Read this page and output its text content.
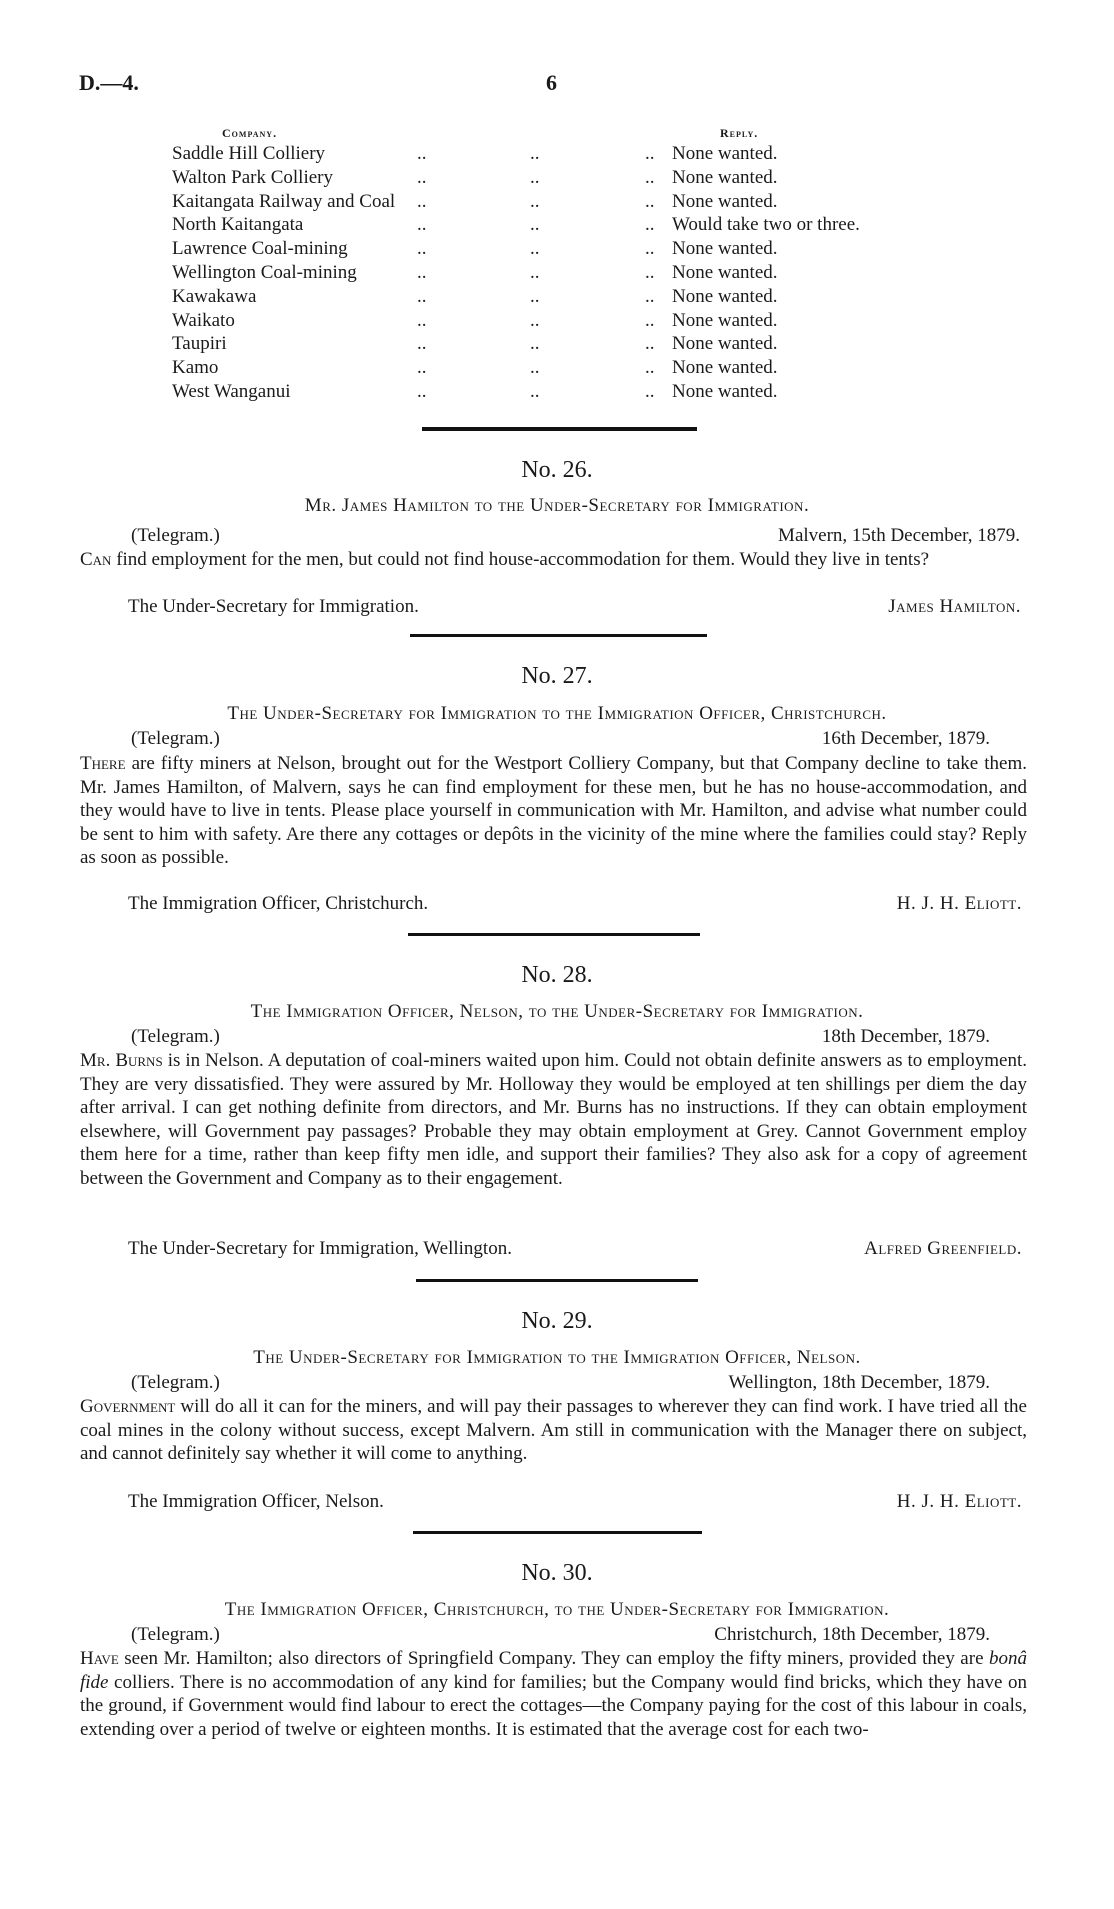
D.—4.	6
Company.	Reply.
Saddle Hill Colliery	..	..	.. None wanted.
Walton Park Colliery	..	..	.. None wanted.
Kaitangata Railway and Coal ..	..	.. None wanted.
North Kaitangata	..	..	.. Would take two or three.
Lawrence Coal-mining	..	..	.. None wanted.
Wellington Coal-mining	..	..	.. None wanted.
Kawakawa	..	..	.. None wanted.
Waikato	..	..	.. None wanted.
Taupiri	..	..	.. None wanted.
Kamo	..	..	.. None wanted.
West Wanganui	..	..	.. None wanted.
No. 26.
Mr. James Hamilton to the Under-Secretary for Immigration.
(Telegram.)	Malvern, 15th December, 1879.

Can find employment for the men, but could not find house-accommodation for them. Would they live in tents?

The Under-Secretary for Immigration.	James Hamilton.
No. 27.
The Under-Secretary for Immigration to the Immigration Officer, Christchurch.
(Telegram.)	16th December, 1879.

There are fifty miners at Nelson, brought out for the Westport Colliery Company, but that Company decline to take them. Mr. James Hamilton, of Malvern, says he can find employment for these men, but he has no house-accommodation, and they would have to live in tents. Please place yourself in communication with Mr. Hamilton, and advise what number could be sent to him with safety. Are there any cottages or depôts in the vicinity of the mine where the families could stay? Reply as soon as possible.

The Immigration Officer, Christchurch.	H. J. H. Eliott.
No. 28.
The Immigration Officer, Nelson, to the Under-Secretary for Immigration.
(Telegram.)	18th December, 1879.

Mr. Burns is in Nelson. A deputation of coal-miners waited upon him. Could not obtain definite answers as to employment. They are very dissatisfied. They were assured by Mr. Holloway they would be employed at ten shillings per diem the day after arrival. I can get nothing definite from directors, and Mr. Burns has no instructions. If they can obtain employment elsewhere, will Government pay passages? Probable they may obtain employment at Grey. Cannot Government employ them here for a time, rather than keep fifty men idle, and support their families? They also ask for a copy of agreement between the Government and Company as to their engagement.

The Under-Secretary for Immigration, Wellington.	Alfred Greenfield.
No. 29.
The Under-Secretary for Immigration to the Immigration Officer, Nelson.
(Telegram.)	Wellington, 18th December, 1879.

Government will do all it can for the miners, and will pay their passages to wherever they can find work. I have tried all the coal mines in the colony without success, except Malvern. Am still in communication with the Manager there on subject, and cannot definitely say whether it will come to anything.

The Immigration Officer, Nelson.	H. J. H. Eliott.
No. 30.
The Immigration Officer, Christchurch, to the Under-Secretary for Immigration.
(Telegram.)	Christchurch, 18th December, 1879.

Have seen Mr. Hamilton; also directors of Springfield Company. They can employ the fifty miners, provided they are bonâ fide colliers. There is no accommodation of any kind for families; but the Company would find bricks, which they have on the ground, if Government would find labour to erect the cottages—the Company paying for the cost of this labour in coals, extending over a period of twelve or eighteen months. It is estimated that the average cost for each two-
